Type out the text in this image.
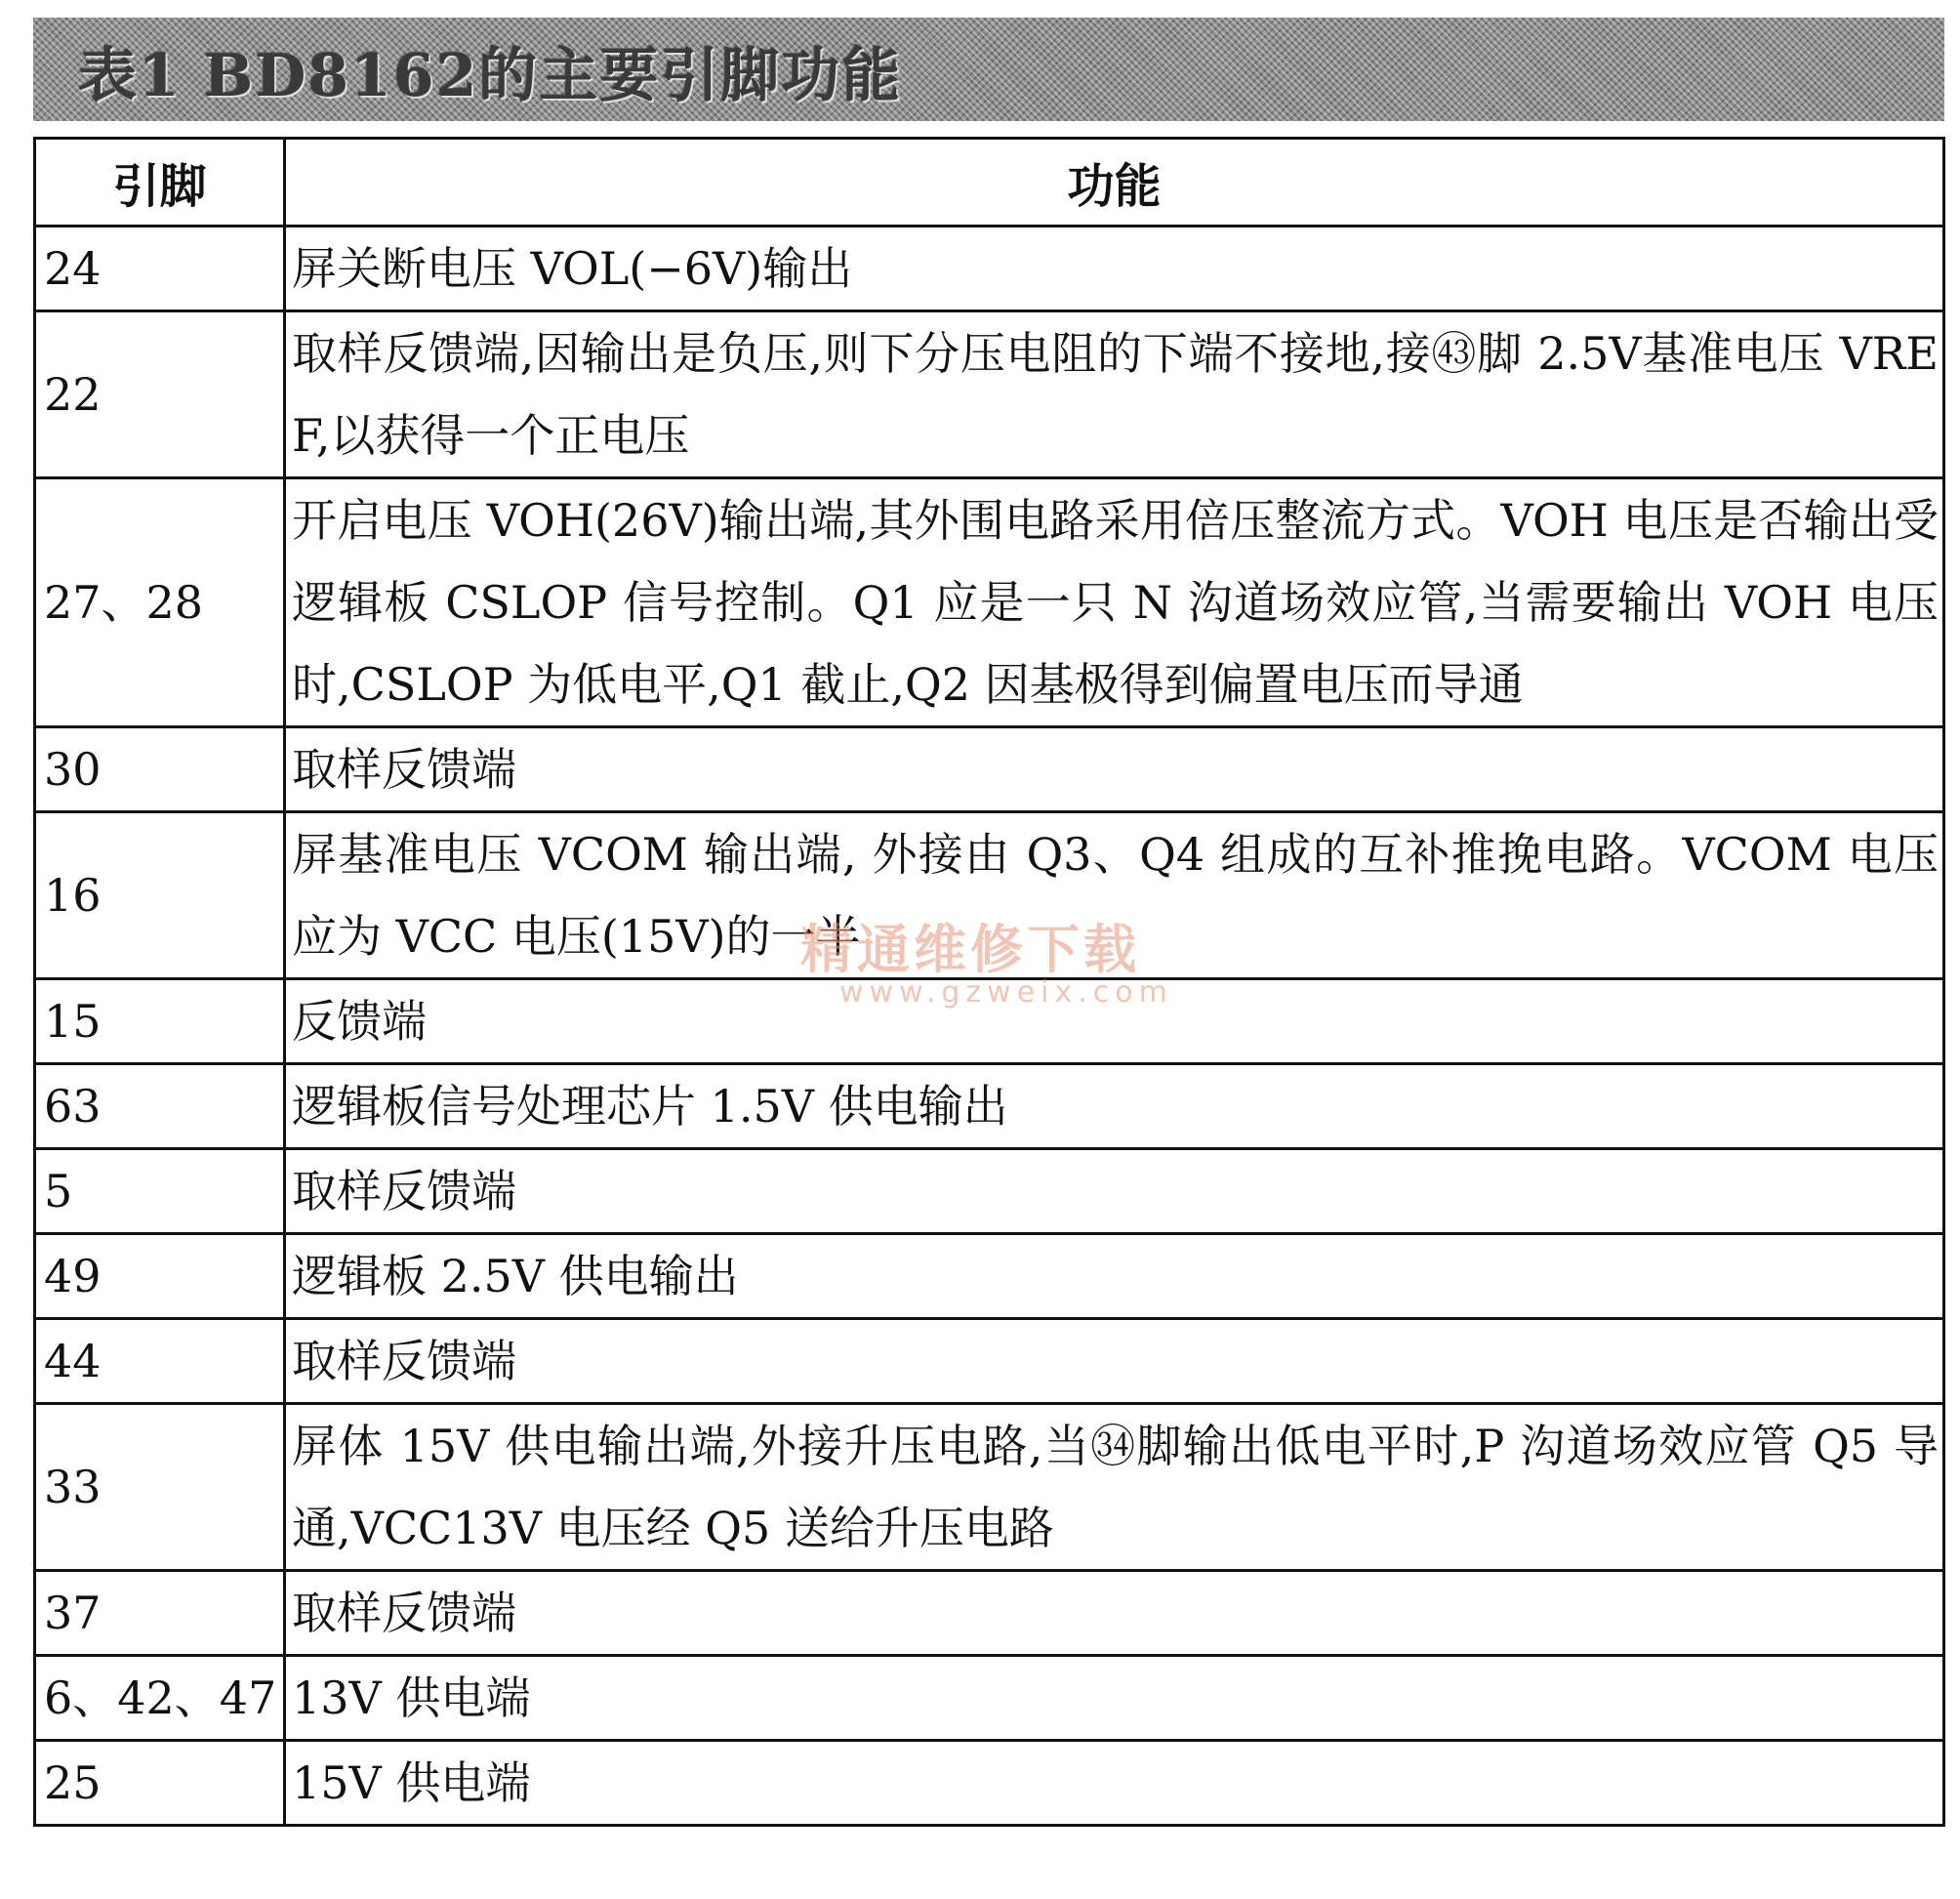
表1 BD8162的主要引脚功能
引脚	功能
24	屏关断电压 VOL(−6V)输出
22	取样反馈端,因输出是负压,则下分压电阻的下端不接地,接㊸脚 2.5V基准电压 VREF,以获得一个正电压
27、28	开启电压 VOH(26V)输出端,其外围电路采用倍压整流方式。VOH 电压是否输出受逻辑板 CSLOP 信号控制。Q1 应是一只 N 沟道场效应管,当需要输出 VOH 电压时,CSLOP 为低电平,Q1 截止,Q2 因基极得到偏置电压而导通
30	取样反馈端
16	屏基准电压 VCOM 输出端, 外接由 Q3、Q4 组成的互补推挽电路。VCOM 电压应为 VCC 电压(15V)的一半
15	反馈端
63	逻辑板信号处理芯片 1.5V 供电输出
5	取样反馈端
49	逻辑板 2.5V 供电输出
44	取样反馈端
33	屏体 15V 供电输出端,外接升压电路,当㉞脚输出低电平时,P 沟道场效应管 Q5 导通,VCC13V 电压经 Q5 送给升压电路
37	取样反馈端
6、42、47	13V 供电端
25	15V 供电端
精通维修下载
www.gzweix.com
